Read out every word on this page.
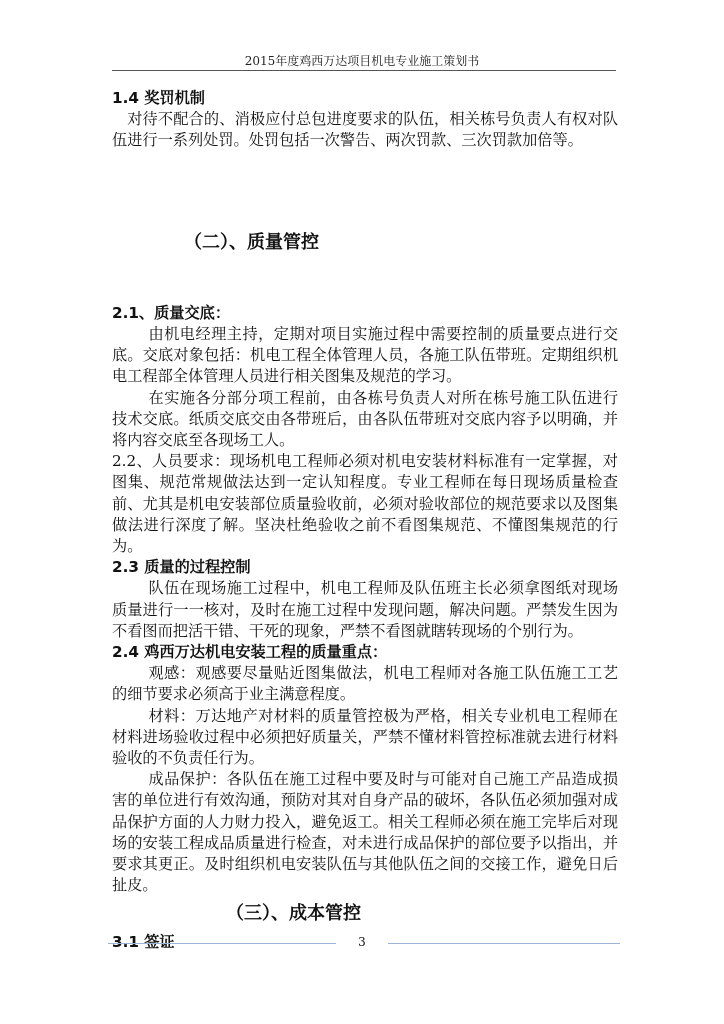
2015年度鸡西万达项目机电专业施工策划书

1.4 奖罚机制

对待不配合的、消极应付总包进度要求的队伍，相关栋号负责人有权对队伍进行一系列处罚。处罚包括一次警告、两次罚款、三次罚款加倍等。

（二）、质量管控

2.1、质量交底：

由机电经理主持，定期对项目实施过程中需要控制的质量要点进行交底。交底对象包括：机电工程全体管理人员，各施工队伍带班。定期组织机电工程部全体管理人员进行相关图集及规范的学习。

在实施各分部分项工程前，由各栋号负责人对所在栋号施工队伍进行技术交底。纸质交底交由各带班后，由各队伍带班对交底内容予以明确，并将内容交底至各现场工人。

2.2、人员要求：现场机电工程师必须对机电安装材料标准有一定掌握，对图集、规范常规做法达到一定认知程度。专业工程师在每日现场质量检查前、尤其是机电安装部位质量验收前，必须对验收部位的规范要求以及图集做法进行深度了解。坚决杜绝验收之前不看图集规范、不懂图集规范的行为。

2.3 质量的过程控制

队伍在现场施工过程中，机电工程师及队伍班主长必须拿图纸对现场质量进行一一核对，及时在施工过程中发现问题，解决问题。严禁发生因为不看图而把活干错、干死的现象，严禁不看图就瞎转现场的个别行为。

2.4 鸡西万达机电安装工程的质量重点：

观感：观感要尽量贴近图集做法，机电工程师对各施工队伍施工工艺的细节要求必须高于业主满意程度。

材料：万达地产对材料的质量管控极为严格，相关专业机电工程师在材料进场验收过程中必须把好质量关，严禁不懂材料管控标准就去进行材料验收的不负责任行为。

成品保护：各队伍在施工过程中要及时与可能对自己施工产品造成损害的单位进行有效沟通，预防对其对自身产品的破坏，各队伍必须加强对成品保护方面的人力财力投入，避免返工。相关工程师必须在施工完毕后对现场的安装工程成品质量进行检查，对未进行成品保护的部位要予以指出，并要求其更正。及时组织机电安装队伍与其他队伍之间的交接工作，避免日后扯皮。

（三）、成本管控

3.1 签证	3
